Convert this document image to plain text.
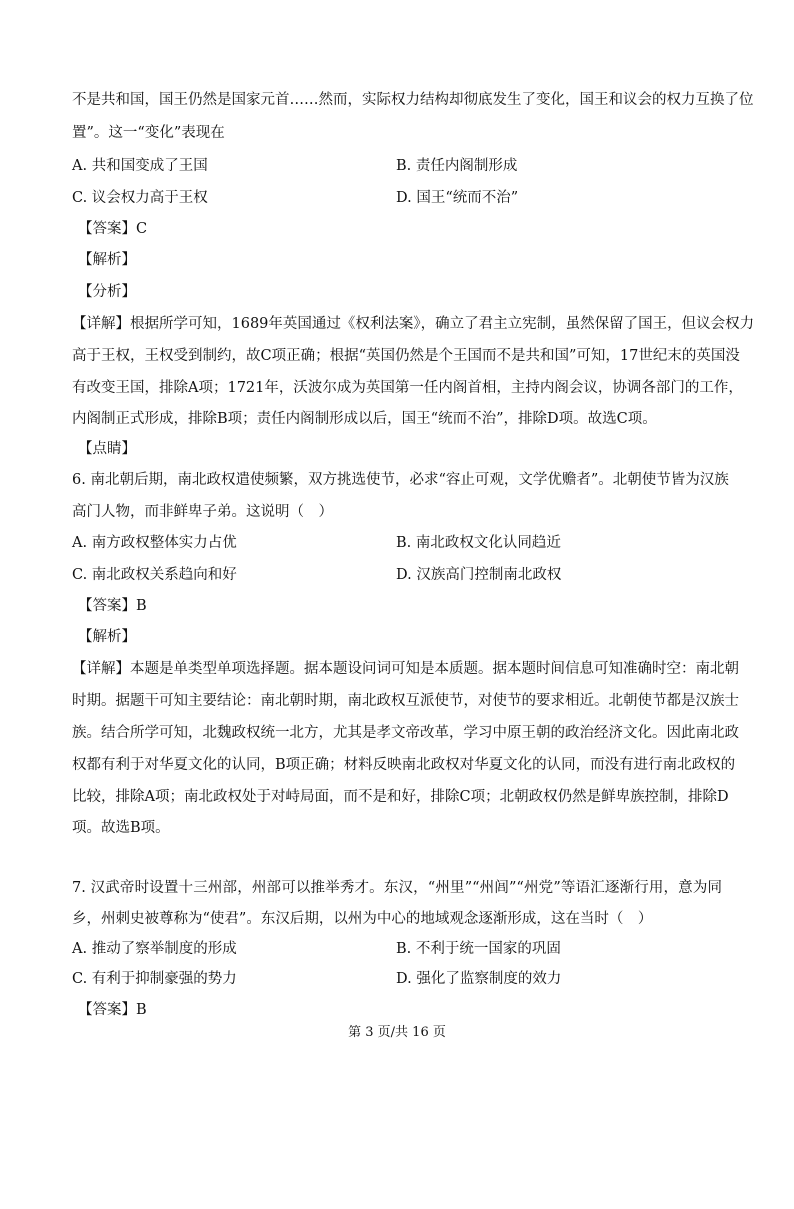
不是共和国，国王仍然是国家元首……然而，实际权力结构却彻底发生了变化，国王和议会的权力互换了位
置”。这一“变化”表现在
A. 共和国变成了王国	B. 责任内阁制形成
C. 议会权力高于王权	D. 国王“统而不治”
【答案】C
【解析】
【分析】
【详解】根据所学可知，1689年英国通过《权利法案》，确立了君主立宪制，虽然保留了国王，但议会权力
高于王权，王权受到制约，故C项正确；根据“英国仍然是个王国而不是共和国”可知，17世纪末的英国没
有改变王国，排除A项；1721年，沃波尔成为英国第一任内阁首相，主持内阁会议，协调各部门的工作，
内阁制正式形成，排除B项；责任内阁制形成以后，国王“统而不治”，排除D项。故选C项。
【点睛】
6. 南北朝后期，南北政权遣使频繁，双方挑选使节，必求“容止可观，文学优赡者”。北朝使节皆为汉族
高门人物，而非鲜卑子弟。这说明（　）
A. 南方政权整体实力占优	B. 南北政权文化认同趋近
C. 南北政权关系趋向和好	D. 汉族高门控制南北政权
【答案】B
【解析】
【详解】本题是单类型单项选择题。据本题设问词可知是本质题。据本题时间信息可知准确时空：南北朝
时期。据题干可知主要结论：南北朝时期，南北政权互派使节，对使节的要求相近。北朝使节都是汉族士
族。结合所学可知，北魏政权统一北方，尤其是孝文帝改革，学习中原王朝的政治经济文化。因此南北政
权都有利于对华夏文化的认同，B项正确；材料反映南北政权对华夏文化的认同，而没有进行南北政权的
比较，排除A项；南北政权处于对峙局面，而不是和好，排除C项；北朝政权仍然是鲜卑族控制，排除D
项。故选B项。
7. 汉武帝时设置十三州部，州部可以推举秀才。东汉，“州里”“州闾”“州党”等语汇逐渐行用，意为同
乡，州刺史被尊称为“使君”。东汉后期，以州为中心的地域观念逐渐形成，这在当时（　）
A. 推动了察举制度的形成	B. 不利于统一国家的巩固
C. 有利于抑制豪强的势力	D. 强化了监察制度的效力
【答案】B
第 3 页/共 16 页
